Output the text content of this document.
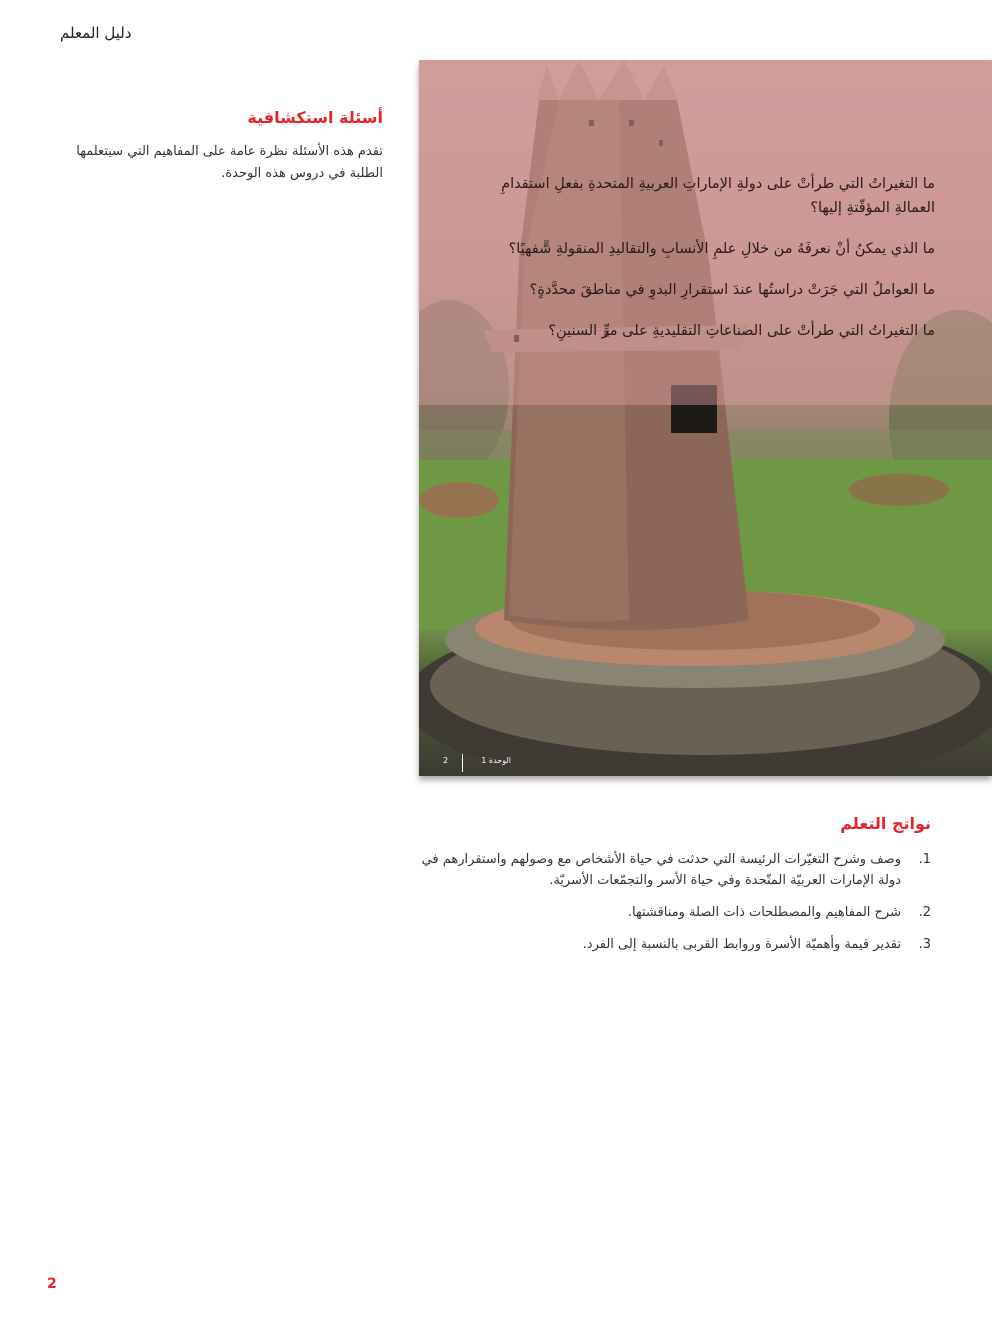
دليل المعلم
أسئلة استكشافية

تقدم هذه الأسئلة نظرة عامة على المفاهيم التي سيتعلمها الطلبة في دروس هذه الوحدة.

ما التغيراتُ التي طرأتْ على دولةِ الإماراتِ العربيةِ المتحدةِ بفعلِ استقدامِ العمالةِ المؤقّتةِ إليها؟

ما الذي يمكنُ أنْ نعرفَهُ من خلالِ علمِ الأنسابِ والتقاليدِ المنقولةِ شفهيًا؟

ما العواملُ التي جَرَتْ دراستُها عندَ استقرارِ البدوِ في مناطقَ محدَّدةٍ؟

ما التغيراتُ التي طرأتْ على الصناعاتِ التقليديةِ على مرِّ السنينِ؟

الوحدة 1
2
نواتج التعلم
1.
وصف وشرح التغيّرات الرئيسة التي حدثت في حياة الأشخاص مع وصولهم واستقرارهم في دولة الإمارات العربيّة المتّحدة وفي حياة الأسر والتجمّعات الأسريّة.
2.
شرح المفاهيم والمصطلحات ذات الصلة ومناقشتها.
3.
تقدير قيمة وأهميّة الأسرة وروابط القربى بالنسبة إلى الفرد.
2
